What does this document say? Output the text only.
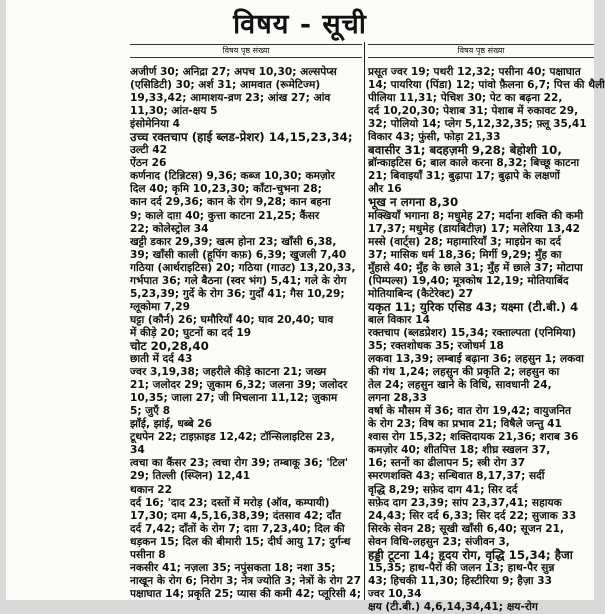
विषय - सूची
विषय पृष्ठ संख्या
अजीर्ण 30; अनिद्रा 27; अपच 10,30; अल्सपेप्स
(एसिडिटी) 30; अर्श 31; आमवात (रूमेटिज्म)
19,33,42; आमाशय-व्रण 23; आंख 27; आंव
11,30; आंत-क्षय 5
इंसोमेनिया 4
उच्च रक्तचाप (हाई ब्लड-प्रेशर) 14,15,23,34;
उल्टी 42
ऐंठन 26
कर्णनाद (टिन्निटस) 9,36; कब्ज 10,30; कमज़ोर
दिल 40; कृमि 10,23,30; काँटा-चुभना 28;
कान दर्द 29,36; कान के रोग 9,28; कान बहना
9; काले दाग़ 40; कुत्ता काटना 21,25; कैंसर
22; कोलेस्ट्रोल 34
खट्टी डकार 29,39; खत्म होना 23; खाँसी 6,38,
39; खाँसी काली (हूपिंग कफ़) 6,39; खुजली 7,40
गठिया (आर्थराइटिस) 20; गठिया (गाउट) 13,20,33,
गर्भपात 36; गले बैठना (स्वर भंग) 5,41; गले के रोग
5,23,39; गुर्दे के रोग 36; गुर्दों 41; गैस 10,29;
ग्लूकोमा 7,29
घट्टा (कौर्न) 26; घमौरियाँ 40; घाव 20,40; घाव
में कीड़े 20; घुटनों का दर्द 19
चोट 20,28,40
छाती में दर्द 43
ज्वर 3,19,38; जहरीले कीड़े काटना 21; जख्म
21; जलोदर 29; ज़ुकाम 6,32; जलना 39; जलोदर
10,35; जाला 27; जी मिचलाना 11,12; ज़ुकाम
5; जुएँ 8
झाँई, झांई, धब्बे 26
टूथपेन 22; टाइफ़ाइड 12,42; टॉन्सिलाइटिस 23,
34
त्वचा का कैंसर 23; त्वचा रोग 39; तम्बाकू 36; 'टिल'
29; तिल्ली (स्प्लिन) 12,41
थकान 22
दर्द 16; 'दाद 23; दस्तों में मरोड़ (ऑव, कम्पायी)
17,30; दमा 4,5,16,38,39; दंतसाव 42; दाँत
दर्द 7,42; दाँतों के रोग 7; दाग़ 7,23,40; दिल की
धड़कन 15; दिल की बीमारी 15; दीर्घ आयु 17; दुर्गन्ध
पसीना 8
नकसीर 41; नज़ला 35; नपुंसकता 18; नशा 35;
नाखून के रोग 6; निरोग 3; नेत्र ज्योति 3; नेत्रों के रोग 27
पक्षाघात 14; प्रकृति 25; प्यास की कमी 42; प्लूरिसी 4;
विषय पृष्ठ संख्या
प्रसूत ज्वर 19; पथरी 12,32; पसीना 40; पक्षाघात
14; पायरिया (पिंडा) 12; पांवो फ़ैलना 6,7; पित्त की थैली
पीलिया 11,31; पेचिश 30; पेट का बढ़ना 22,
दर्द 10,20,30; पेशाब 31; पेशाब में रुकावट 29,
32; पोलियो 14; प्लेग 5,12,32,35; फ़्लू 35,41
विकार 43; फुंसी, फोड़ा 21,33
बवासीर 31; बदहज़मी 9,28; बेहोशी 10,
ब्रॉन्काइटिस 6; बाल काले करना 8,32; बिच्छू काटना
21; बिवाइयाँ 31; बुढ़ापा 17; बुढ़ापे के लक्षणों
और 16
भूख न लगना 8,30
मक्खियाँ भगाना 8; मधुमेह 27; मर्दाना शक्ति की कमी
17,37; मधुमेह (डायबिटीज़) 17; मलेरिया 13,42
मस्से (वार्ट्स) 28; महामारियाँ 3; माइग्रेन का दर्द
37; मासिक धर्म 18,36; मिर्गी 9,29; मुँह का
मुँहासे 40; मुँह के छाले 31; मुँह में छाले 37; मोटापा
(पिम्पल्स) 19,40; मूत्रकोष 12,19; मोतियाबिंद
मोतियाबिन्द (कैटेरेक्ट) 27
यकृत 11; युरिक एसिड 43; यक्ष्मा (टी.बी.) 4
बाल विकार 14
रक्तचाप (ब्लडप्रेशर) 15,34; रक्ताल्पता (एनिमिया)
35; रक्तशोधक 35; रजोधर्म 18
लकवा 13,39; लम्बाई बढ़ाना 36; लहसुन 1; लकवा
की गंध 1,24; लहसुन की प्रकृति 2; लहसुन का
तेल 24; लहसुन खाने के विधि, सावधानी 24,
लगना 28,33
वर्षा के मौसम में 36; वात रोग 19,42; वायुजनित
के रोग 23; विष का प्रभाव 21; विषैले जन्तु 41
श्वास रोग 15,32; शक्तिदायक 21,36; शराब 36
कमज़ोर 40; शीतपित्त 18; शीघ्र स्खलन 37,
16; स्तनों का ढीलापन 5; स्त्री रोग 37
स्मरणशक्ति 43; सन्धिवात 8,17,37; सर्दी
वृद्धि 8,29; सफ़ेद दाग 41; सिर दर्द
सफ़ेद दाग 23,39; सांप 23,37,41; सहायक
24,43; सिर दर्द 6,33; सिर दर्द 22; सुजाक 33
सिरके सेवन 28; सूखी खाँसी 6,40; सूजन 21,
सेवन विधि-लहसुन 23; संजीवन 3,
हड्डी टूटना 14; हृदय रोग, वृद्धि 15,34; हैजा
15,35; हाथ-पैरों की जलन 13; हाथ-पैर सुन्न
43; हिचकी 11,30; हिस्टीरिया 9; हैज़ा 33
ज्वर 10,34
क्षय (टी.बी.) 4,6,14,34,41; क्षय-रोग
